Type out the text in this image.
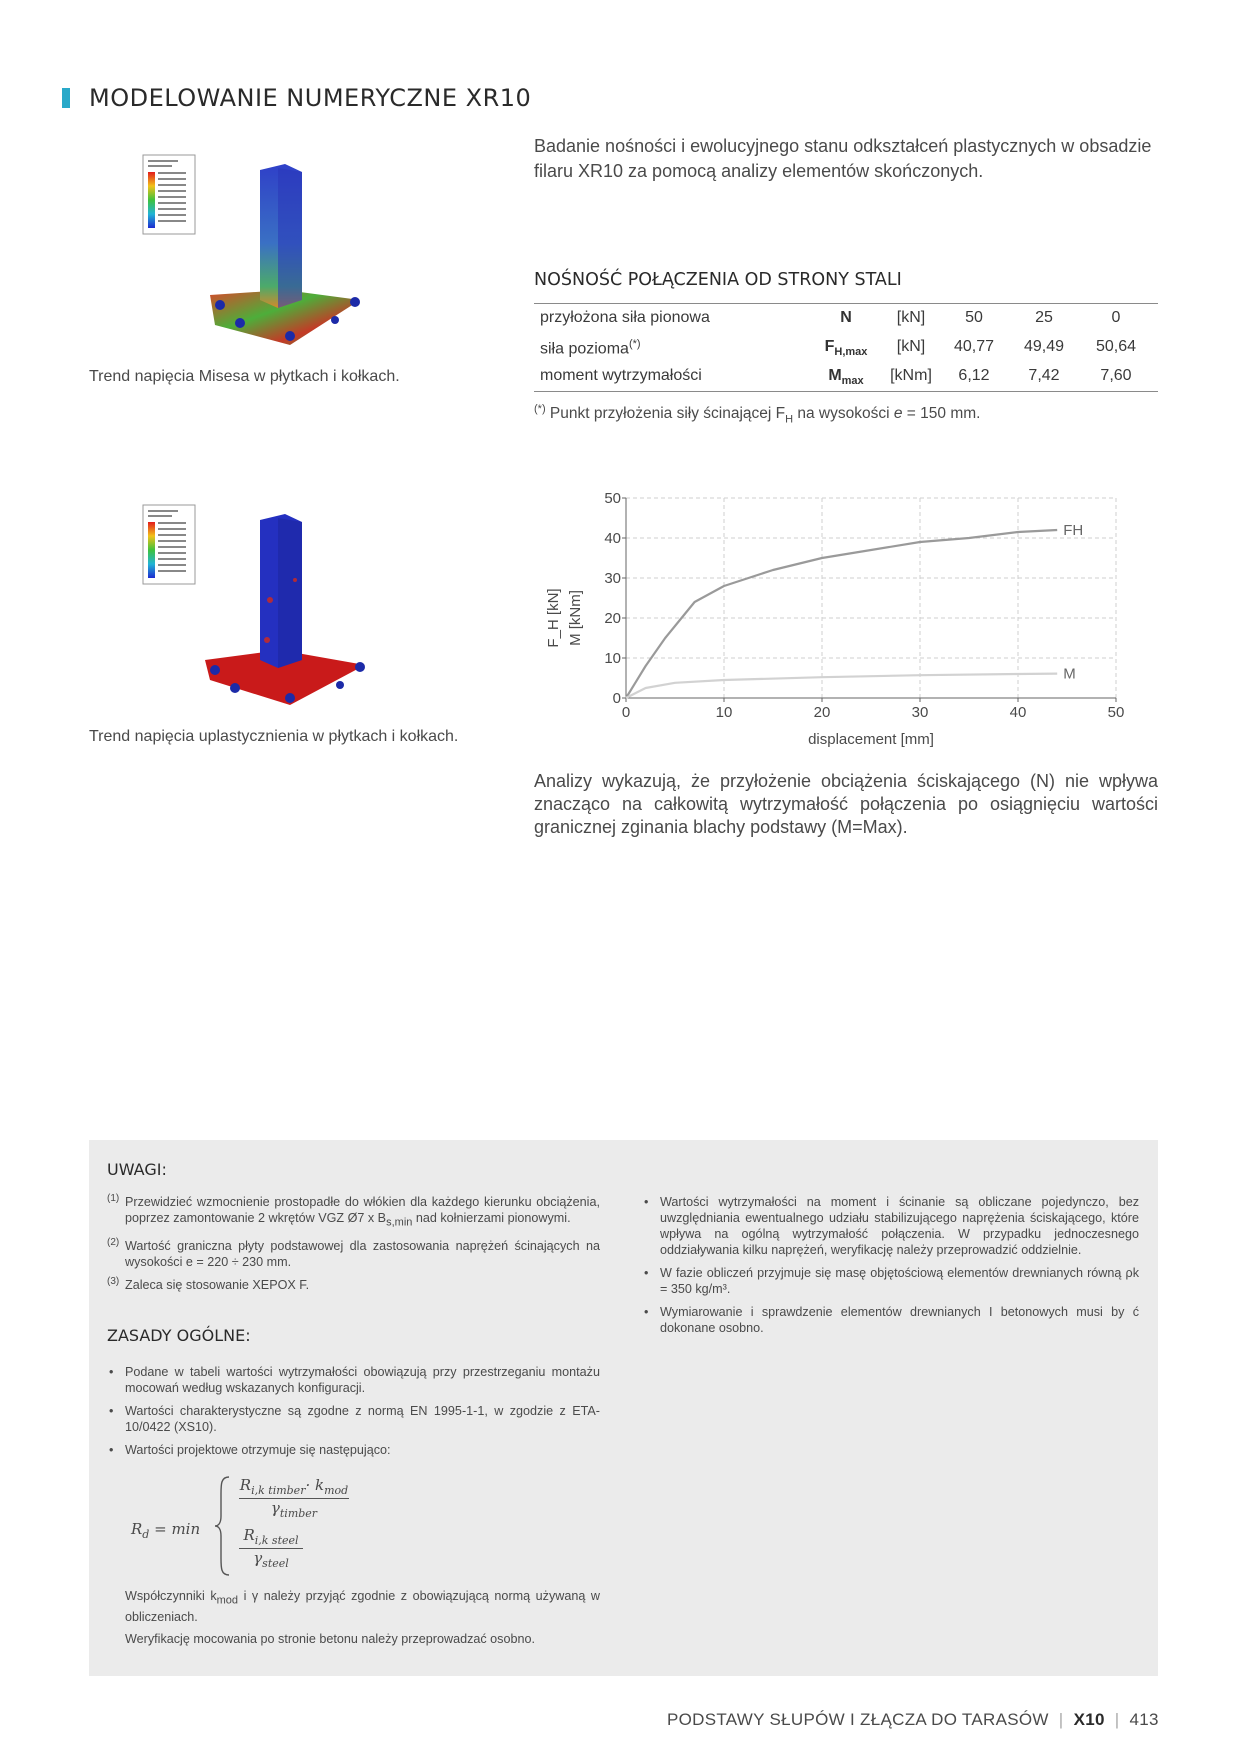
MODELOWANIE NUMERYCZNE XR10
Badanie nośności i ewolucyjnego stanu odkształceń plastycznych w obsadzie filaru XR10 za pomocą analizy elementów skończonych.
Trend napięcia Misesa w płytkach i kołkach.
Trend napięcia uplastycznienia w płytkach i kołkach.
NOŚNOŚĆ POŁĄCZENIA OD STRONY STALI
przyłożona siła pionowa	N	[kN]	50	25	0
siła pozioma(*)	$F_{H,max}$	[kN]	40,77	49,49	50,64
moment wytrzymałości	$M_{max}$	[kNm]	6,12	7,42	7,60
(*) Punkt przyłożenia siły ścinającej $F_H$ na wysokości e = 150 mm.
0	10	20	30	40	50
0
10
20
30
40
50
displacement [mm]
F_H [kN] M [kNm]
FH
M
Analizy wykazują, że przyłożenie obciążenia ściskającego (N) nie wpływa znacząco na całkowitą wytrzymałość połączenia po osiągnięciu wartości granicznej zginania blachy podstawy (M=Max).
UWAGI:
(1) Przewidzieć wzmocnienie prostopadłe do włókien dla każdego kierunku obciążenia, poprzez zamontowanie 2 wkrętów VGZ Ø7 x $B_{s,min}$ nad kołnierzami pionowymi.
(2) Wartość graniczna płyty podstawowej dla zastosowania naprężeń ścinających na wysokości e = 220 ÷ 230 mm.
(3) Zaleca się stosowanie XEPOX F.
ZASADY OGÓLNE:
• Podane w tabeli wartości wytrzymałości obowiązują przy przestrzeganiu montażu mocowań według wskazanych konfiguracji.
• Wartości charakterystyczne są zgodne z normą EN 1995-1-1, w zgodzie z ETA-10/0422 (XS10).
• Wartości projektowe otrzymuje się następująco:
$R_d = \min$
$R_{i,k timber}\cdot k_{mod}$
$\gamma_{timber}$
$R_{i,k steel}$
$\gamma_{steel}$
Współczynniki $k_{mod}$ i γ należy przyjąć zgodnie z obowiązującą normą używaną w obliczeniach.
Weryfikację mocowania po stronie betonu należy przeprowadzać osobno.
• Wartości wytrzymałości na moment i ścinanie są obliczane pojedynczo, bez uwzględniania ewentualnego udziału stabilizującego naprężenia ściskającego, które wpływa na ogólną wytrzymałość połączenia. W przypadku jednoczesnego oddziaływania kilku naprężeń, weryfikację należy przeprowadzić oddzielnie.
• W fazie obliczeń przyjmuje się masę objętościową elementów drewnianych równą ρk = 350 kg/m³.
• Wymiarowanie i sprawdzenie elementów drewnianych I betonowych musi by ć dokonane osobno.
PODSTAWY SŁUPÓW I ZŁĄCZA DO TARASÓW  |  X10  |  413
